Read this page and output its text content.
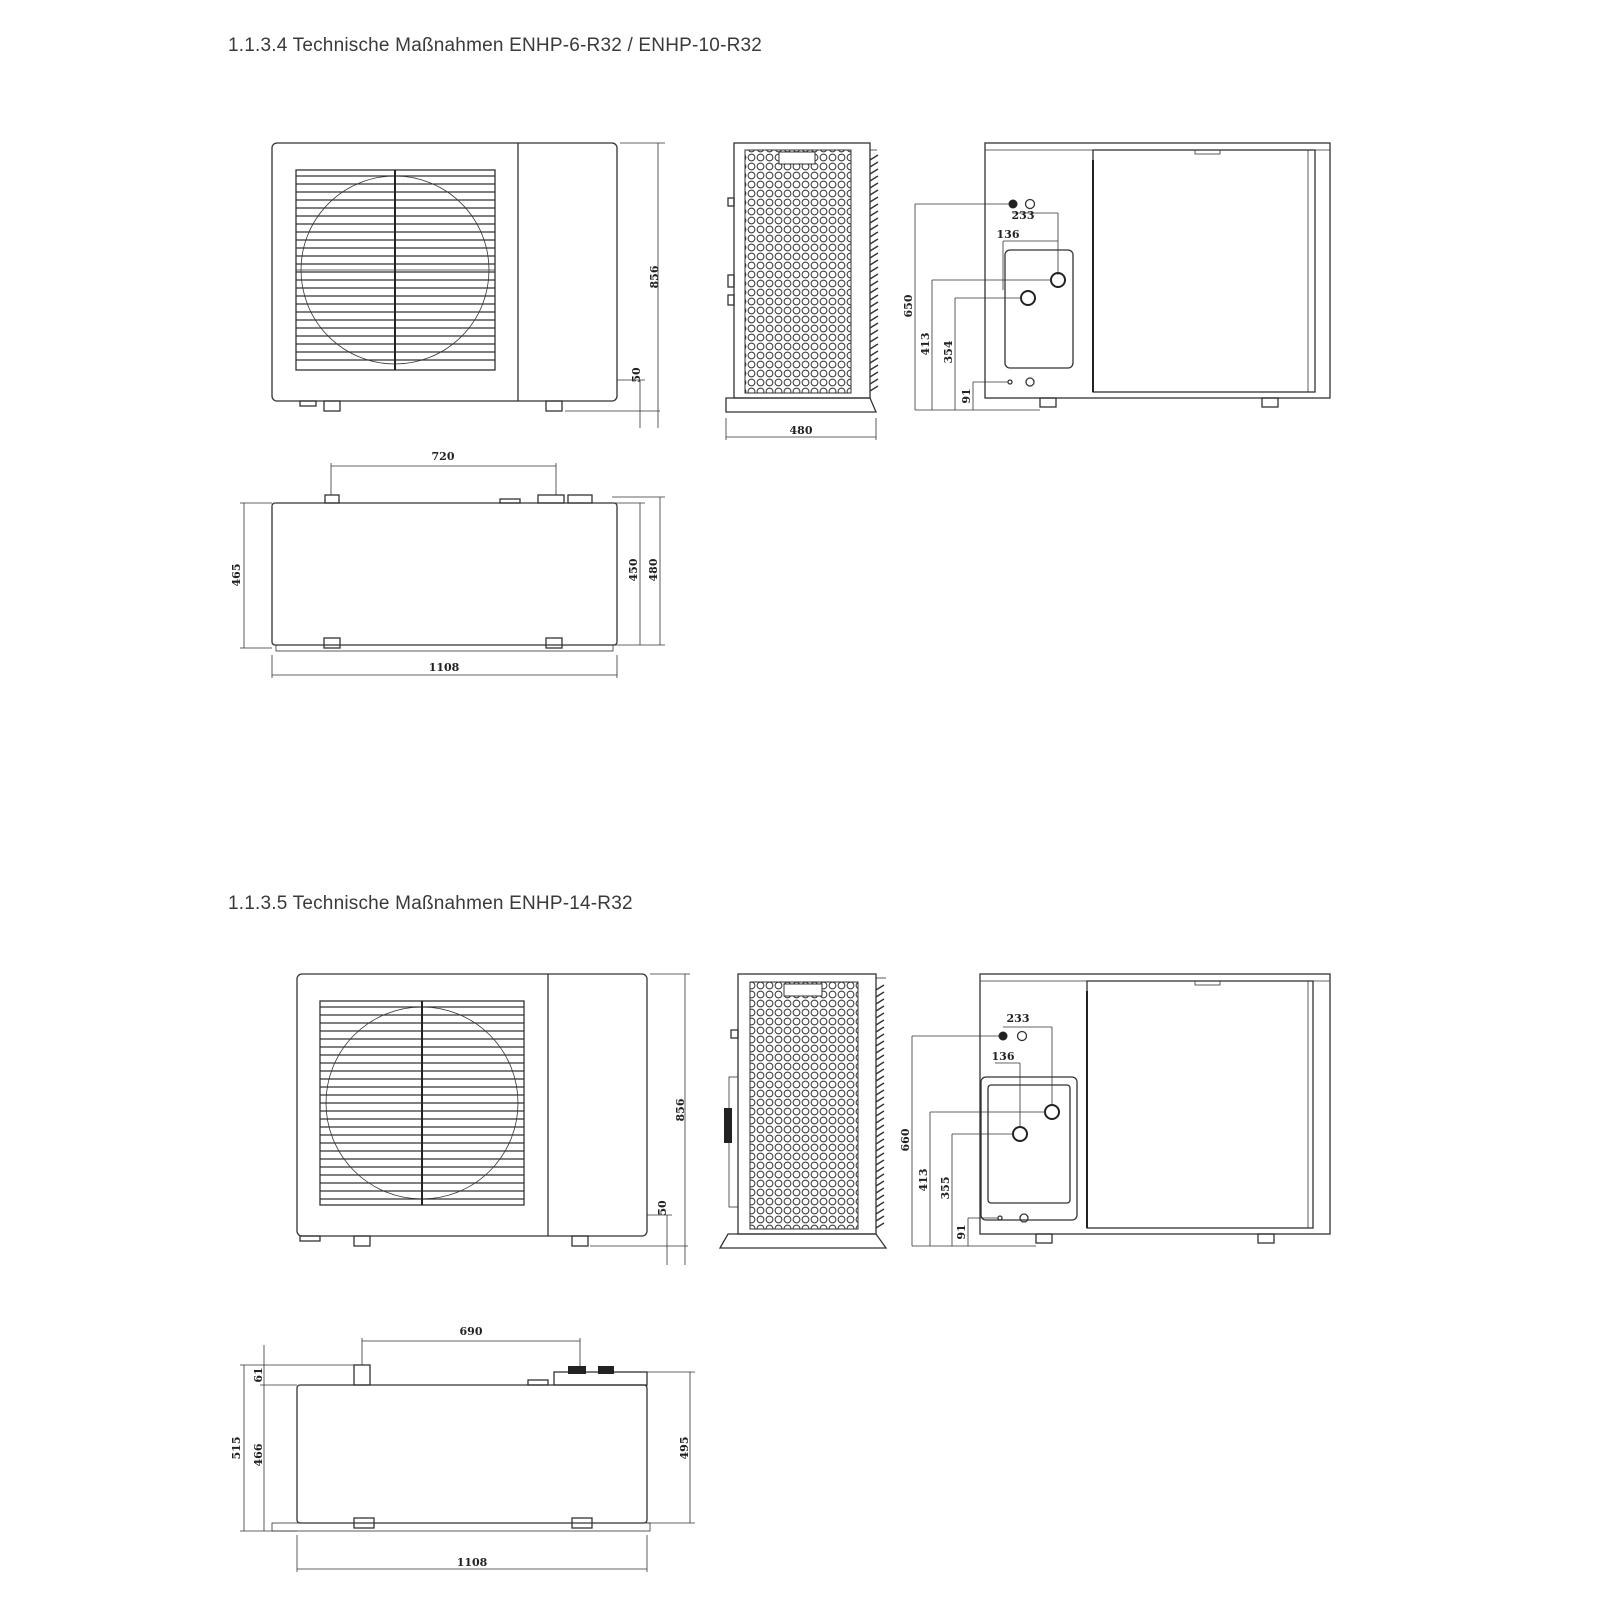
1.1.3.4 Technische Maßnahmen ENHP-6-R32 / ENHP-10-R32
1.1.3.5 Technische Maßnahmen ENHP-14-R32
856
50
480
233
136
650
413 354
91
720
465	450 480
1108
856
50
233
136
660
413 355
91
690
61
515 466	495
1108
